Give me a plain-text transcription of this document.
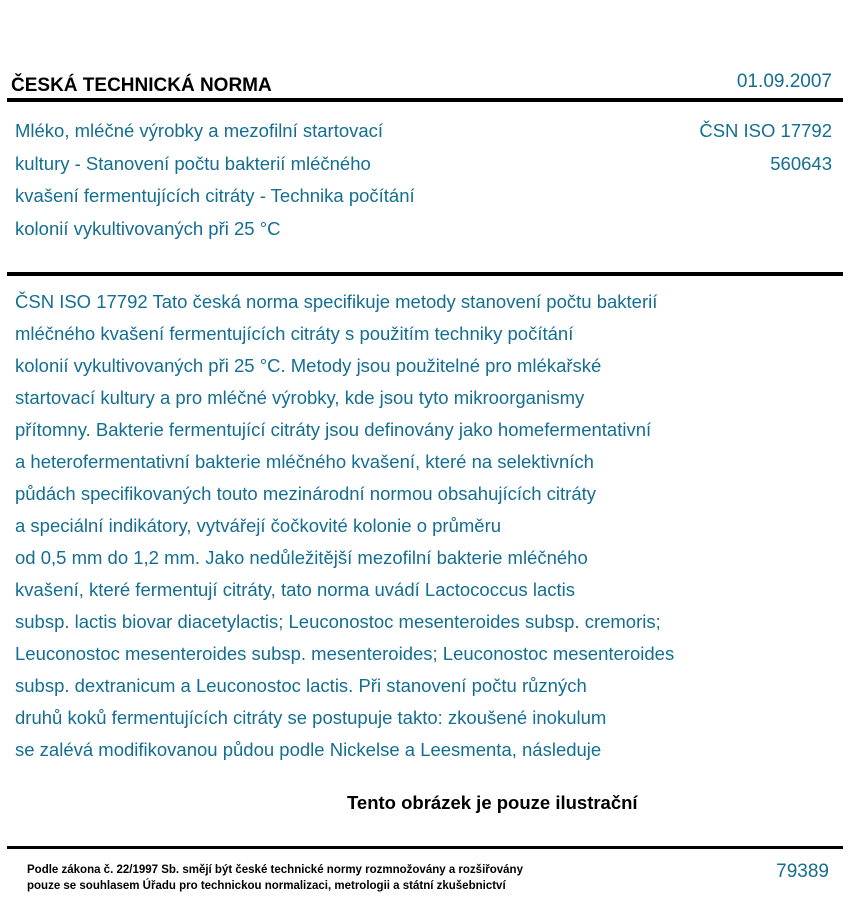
ČESKÁ TECHNICKÁ NORMA	01.09.2007
Mléko, mléčné výrobky a mezofilní startovací
kultury - Stanovení počtu bakterií mléčného
kvašení fermentujících citráty - Technika počítání
kolonií vykultivovaných při 25 °C
ČSN ISO 17792
560643
ČSN ISO 17792 Tato česká norma specifikuje metody stanovení počtu bakterií
mléčného kvašení fermentujících citráty s použitím techniky počítání
kolonií vykultivovaných při 25 °C. Metody jsou použitelné pro mlékařské
startovací kultury a pro mléčné výrobky, kde jsou tyto mikroorganismy
přítomny. Bakterie fermentující citráty jsou definovány jako homefermentativní
a heterofermentativní bakterie mléčného kvašení, které na selektivních
půdách specifikovaných touto mezinárodní normou obsahujících citráty
a speciální indikátory, vytvářejí čočkovité kolonie o průměru
od 0,5 mm do 1,2 mm. Jako nedůležitější mezofilní bakterie mléčného
kvašení, které fermentují citráty, tato norma uvádí Lactococcus lactis
subsp. lactis biovar diacetylactis; Leuconostoc mesenteroides subsp. cremoris;
Leuconostoc mesenteroides subsp. mesenteroides; Leuconostoc mesenteroides
subsp. dextranicum a Leuconostoc lactis. Při stanovení počtu různých
druhů koků fermentujících citráty se postupuje takto: zkoušené inokulum
se zalévá modifikovanou půdou podle Nickelse a Leesmenta, následuje
Tento obrázek je pouze ilustrační
Podle zákona č. 22/1997 Sb. smějí být české technické normy rozmnožovány a rozšiřovány
pouze se souhlasem Úřadu pro technickou normalizaci, metrologii a státní zkušebnictví
79389
